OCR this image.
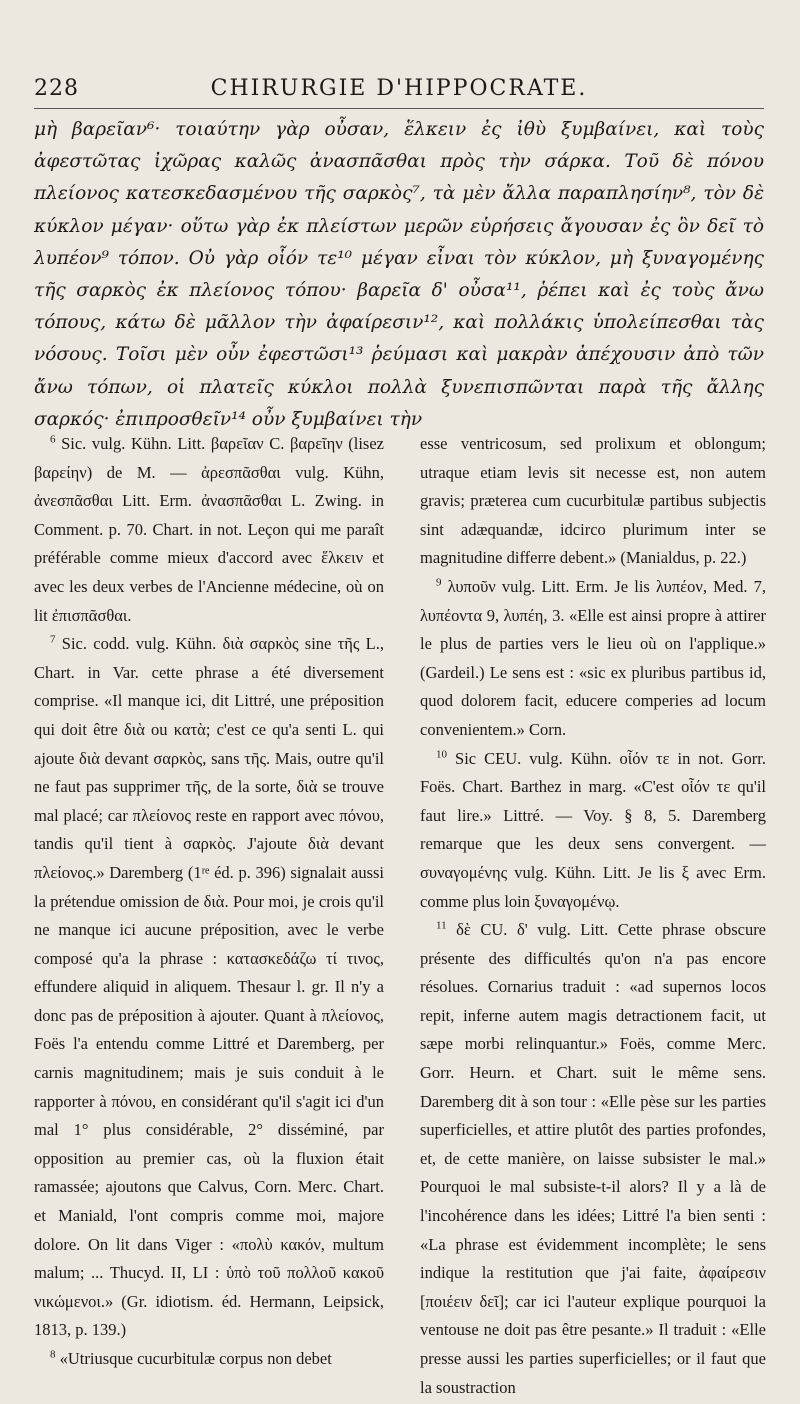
228	CHIRURGIE D'HIPPOCRATE.

μὴ βαρεῖαν⁶· τοιαύτην γὰρ οὖσαν, ἕλκειν ἐς ἰθὺ ξυμβαίνει, καὶ τοὺς ἀφεστῶτας ἰχῶρας καλῶς ἀνασπᾶσθαι πρὸς τὴν σάρκα. Τοῦ δὲ πόνου πλείονος κατεσκεδασμένου τῆς σαρκὸς⁷, τὰ μὲν ἄλλα παραπλησίην⁸, τὸν δὲ κύκλον μέγαν· οὕτω γὰρ ἐκ πλείστων μερῶν εὑρήσεις ἄγουσαν ἐς ὃν δεῖ τὸ λυπέον⁹ τόπον. Οὐ γὰρ οἷόν τε¹⁰ μέγαν εἶναι τὸν κύκλον, μὴ ξυναγομένης τῆς σαρκὸς ἐκ πλείονος τόπου· βαρεῖα δ' οὖσα¹¹, ῥέπει καὶ ἐς τοὺς ἄνω τόπους, κάτω δὲ μᾶλλον τὴν ἀφαίρεσιν¹², καὶ πολλάκις ὑπολείπεσθαι τὰς νόσους. Τοῖσι μὲν οὖν ἐφεστῶσι¹³ ῥεύμασι καὶ μακρὰν ἀπέχουσιν ἀπὸ τῶν ἄνω τόπων, οἱ πλατεῖς κύκλοι πολλὰ ξυνεπισπῶνται παρὰ τῆς ἄλλης σαρκός· ἐπιπροσθεῖν¹⁴ οὖν ξυμβαίνει τὴν

$^6$ Sic. vulg. Kühn. Litt. βαρεῖαν C. βαρεῖην (lisez βαρείην) de M. — ἀρεσπᾶσθαι vulg. Kühn, ἀνεσπᾶσθαι Litt. Erm. ἀνασπᾶσθαι L. Zwing. in Comment. p. 70. Chart. in not. Leçon qui me paraît préférable comme mieux d'accord avec ἕλκειν et avec les deux verbes de l'Ancienne médecine, où on lit ἐπισπᾶσθαι.

$^7$ Sic. codd. vulg. Kühn. διὰ σαρκὸς sine τῆς L., Chart. in Var. cette phrase a été diversement comprise. «Il manque ici, dit Littré, une préposition qui doit être διὰ ou κατὰ; c'est ce qu'a senti L. qui ajoute διὰ devant σαρκὸς, sans τῆς. Mais, outre qu'il ne faut pas supprimer τῆς, de la sorte, διὰ se trouve mal placé; car πλείονος reste en rapport avec πόνου, tandis qu'il tient à σαρκὸς. J'ajoute διὰ devant πλείονος.» Daremberg (1ʳᵉ éd. p. 396) signalait aussi la prétendue omission de διὰ. Pour moi, je crois qu'il ne manque ici aucune préposition, avec le verbe composé qu'a la phrase : κατασκεδάζω τί τινος, effundere aliquid in aliquem. Thesaur l. gr. Il n'y a donc pas de préposition à ajouter. Quant à πλείονος, Foës l'a entendu comme Littré et Daremberg, per carnis magnitudinem; mais je suis conduit à le rapporter à πόνου, en considérant qu'il s'agit ici d'un mal 1° plus considérable, 2° disséminé, par opposition au premier cas, où la fluxion était ramassée; ajoutons que Calvus, Corn. Merc. Chart. et Maniald, l'ont compris comme moi, majore dolore. On lit dans Viger : «πολὺ κακόν, multum malum; ... Thucyd. II, LI : ὑπὸ τοῦ πολλοῦ κακοῦ νικώμενοι.» (Gr. idiotism. éd. Hermann, Leipsick, 1813, p. 139.)

$^8$ «Utriusque cucurbitulæ corpus non debet

esse ventricosum, sed prolixum et oblongum; utraque etiam levis sit necesse est, non autem gravis; præterea cum cucurbitulæ partibus subjectis sint adæquandæ, idcirco plurimum inter se magnitudine differre debent.» (Manialdus, p. 22.)

$^9$ λυποῦν vulg. Litt. Erm. Je lis λυπέον, Med. 7, λυπέοντα 9, λυπέη, 3. «Elle est ainsi propre à attirer le plus de parties vers le lieu où on l'applique.» (Gardeil.) Le sens est : «sic ex pluribus partibus id, quod dolorem facit, educere comperies ad locum convenientem.» Corn.

$^{10}$ Sic CEU. vulg. Kühn. οἷόν τε in not. Gorr. Foës. Chart. Barthez in marg. «C'est οἷόν τε qu'il faut lire.» Littré. — Voy. § 8, 5. Daremberg remarque que les deux sens convergent. — συναγομένης vulg. Kühn. Litt. Je lis ξ avec Erm. comme plus loin ξυναγομένῳ.

$^{11}$ δὲ CU. δ' vulg. Litt. Cette phrase obscure présente des difficultés qu'on n'a pas encore résolues. Cornarius traduit : «ad supernos locos repit, inferne autem magis detractionem facit, ut sæpe morbi relinquantur.» Foës, comme Merc. Gorr. Heurn. et Chart. suit le même sens. Daremberg dit à son tour : «Elle pèse sur les parties superficielles, et attire plutôt des parties profondes, et, de cette manière, on laisse subsister le mal.» Pourquoi le mal subsiste-t-il alors? Il y a là de l'incohérence dans les idées; Littré l'a bien senti : «La phrase est évidemment incomplète; le sens indique la restitution que j'ai faite, ἀφαίρεσιν [ποιέειν δεῖ]; car ici l'auteur explique pourquoi la ventouse ne doit pas être pesante.» Il traduit : «Elle presse aussi les parties superficielles; or il faut que la soustraction
